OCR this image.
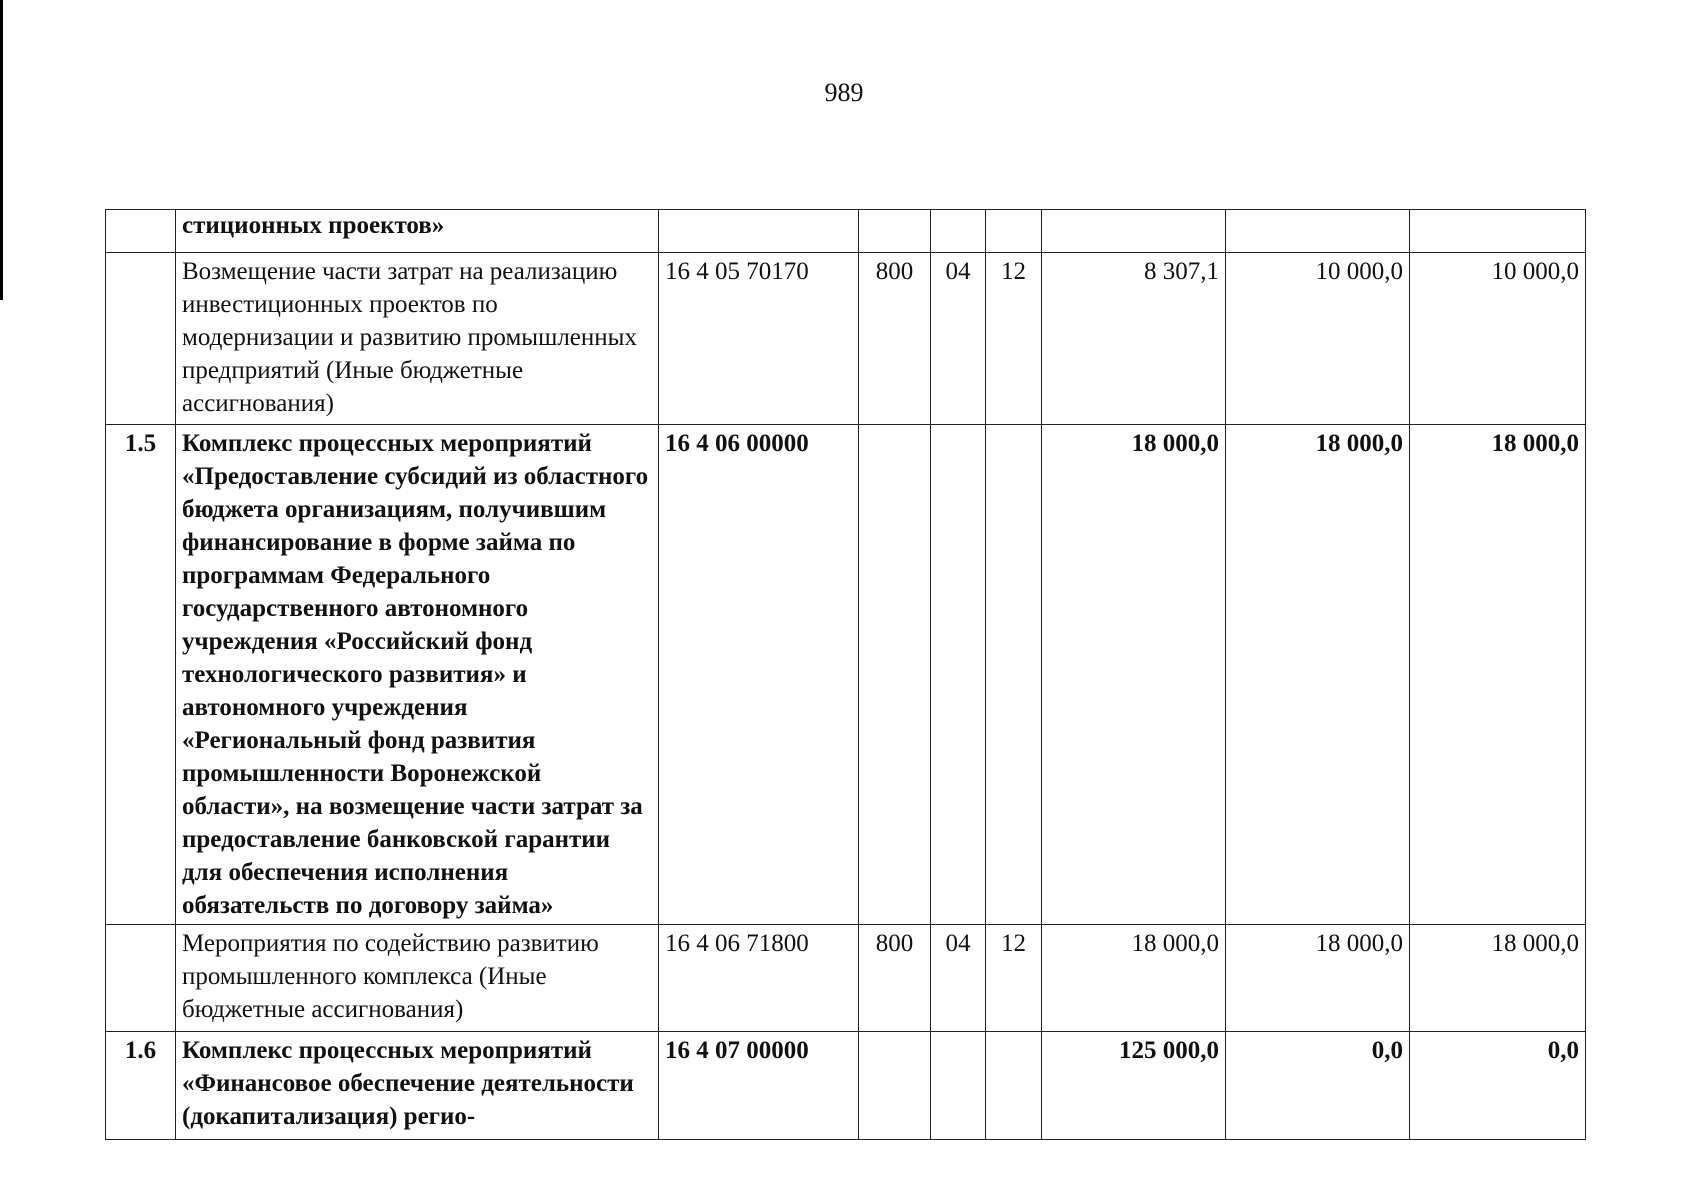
989
	стиционных проектов»							
	Возмещение части затрат на реализацию инвестиционных проектов по модернизации и развитию промышленных предприятий (Иные бюджетные ассигнования)	16 4 05 70170	800	04	12	8 307,1	10 000,0	10 000,0
1.5	Комплекс процессных мероприятий «Предоставление субсидий из областного бюджета организациям, получившим финансирование в форме займа по программам Федерального государственного автономного учреждения «Российский фонд технологического развития» и автономного учреждения «Региональный фонд развития промышленности Воронежской области», на возмещение части затрат за предоставление банковской гарантии для обеспечения исполнения обязательств по договору займа»	16 4 06 00000				18 000,0	18 000,0	18 000,0
	Мероприятия по содействию развитию промышленного комплекса (Иные бюджетные ассигнования)	16 4 06 71800	800	04	12	18 000,0	18 000,0	18 000,0
1.6	Комплекс процессных мероприятий «Финансовое обеспечение деятельности (докапитализация) регио-	16 4 07 00000				125 000,0	0,0	0,0
